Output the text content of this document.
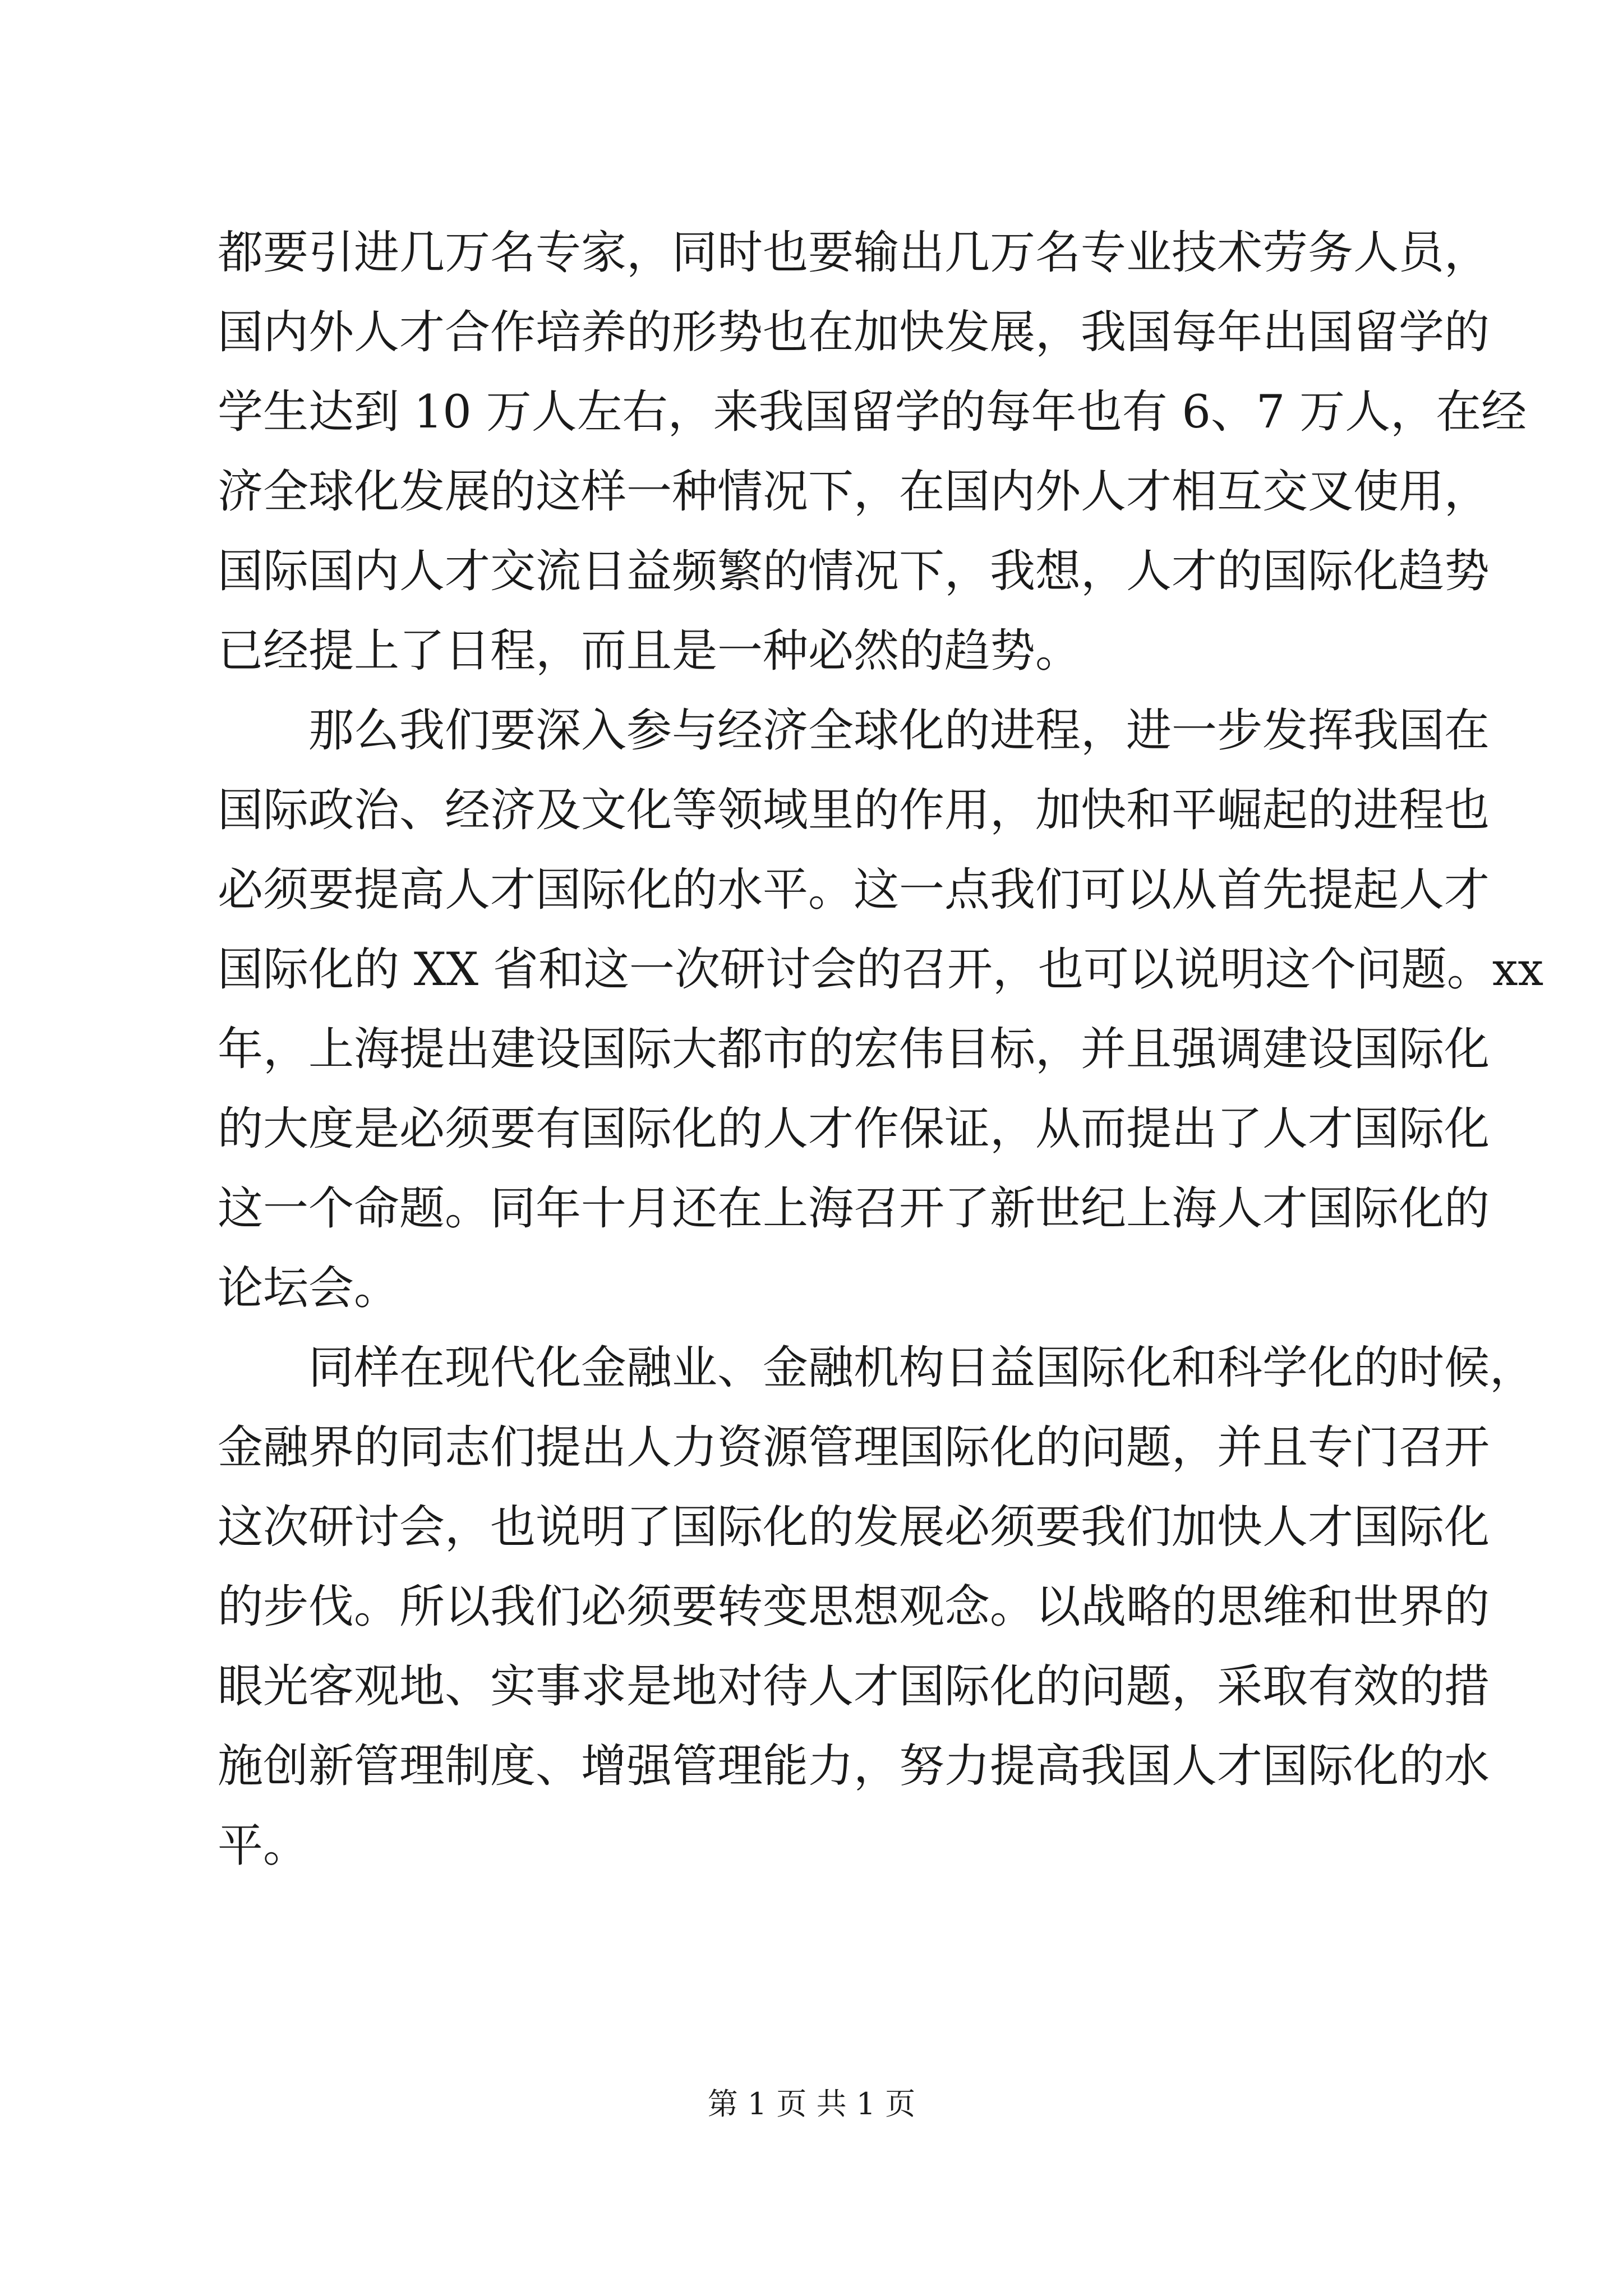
都要引进几万名专家，同时也要输出几万名专业技术劳务人员，

国内外人才合作培养的形势也在加快发展，我国每年出国留学的

学生达到 10 万人左右，来我国留学的每年也有 6、7 万人，在经

济全球化发展的这样一种情况下，在国内外人才相互交叉使用，

国际国内人才交流日益频繁的情况下，我想，人才的国际化趋势

已经提上了日程，而且是一种必然的趋势。

那么我们要深入参与经济全球化的进程，进一步发挥我国在

国际政治、经济及文化等领域里的作用，加快和平崛起的进程也

必须要提高人才国际化的水平。这一点我们可以从首先提起人才

国际化的 XX 省和这一次研讨会的召开，也可以说明这个问题。xx

年，上海提出建设国际大都市的宏伟目标，并且强调建设国际化

的大度是必须要有国际化的人才作保证，从而提出了人才国际化

这一个命题。同年十月还在上海召开了新世纪上海人才国际化的

论坛会。

同样在现代化金融业、金融机构日益国际化和科学化的时候，

金融界的同志们提出人力资源管理国际化的问题，并且专门召开

这次研讨会，也说明了国际化的发展必须要我们加快人才国际化

的步伐。所以我们必须要转变思想观念。以战略的思维和世界的

眼光客观地、实事求是地对待人才国际化的问题，采取有效的措

施创新管理制度、增强管理能力，努力提高我国人才国际化的水

平。

第 1 页 共 1 页
